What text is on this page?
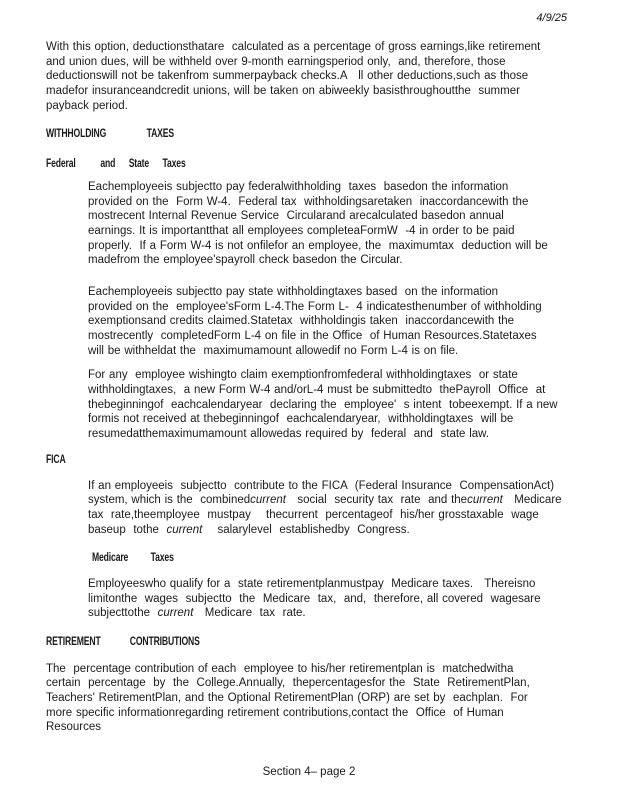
4/9/25
With this option, deductionsthatare  calculated as a percentage of gross earnings,like retirement
and union dues, will be withheld over 9-month earningsperiod only,  and, therefore, those
deductionswill not be takenfrom summerpayback checks.A   ll other deductions,such as those
madefor insuranceandcredit unions, will be taken on abiweekly basisthroughoutthe  summer
payback period.
WITHHOLDING                  TAXES
Federal           and      State      Taxes
Eachemployeeis subjectto pay federalwithholding  taxes  basedon the information
provided on the  Form W-4.  Federal tax  withholdingsaretaken  inaccordancewith the
mostrecent Internal Revenue Service  Circularand arecalculated basedon annual
earnings. It is importantthat all employees completeaFormW  -4 in order to be paid
properly.  If a Form W-4 is not onfilefor an employee, the  maximumtax  deduction will be
madefrom the employee'spayroll check basedon the Circular.
Eachemployeeis subjectto pay state withholdingtaxes based  on the information
provided on the  employee'sForm L-4.The Form L-  4 indicatesthenumber of withholding
exemptionsand credits claimed.Statetax  withholdingis taken  inaccordancewith the
mostrecently  completedForm L-4 on file in the Office  of Human Resources.Statetaxes
will be withheldat the  maximumamount allowedif no Form L-4 is on file.
For any  employee wishingto claim exemptionfromfederal withholdingtaxes  or state
withholdingtaxes,  a new Form W-4 and/orL-4 must be submittedto  thePayroll  Office  at
thebeginningof  eachcalendaryear  declaring the  employee'  s intent  tobeexempt. If a new
formis not received at thebeginningof  eachcalendaryear,  withholdingtaxes  will be
resumedatthemaximumamount allowedas required by  federal  and  state law.
FICA
If an employeeis  subjectto  contribute to the FICA  (Federal Insurance  CompensationAct)
system, which is the  combinedcurrent   social  security tax  rate  and thecurrent   Medicare
tax  rate,theemployee  mustpay    thecurrent  percentageof  his/her grosstaxable  wage
baseup  tothe  current    salarylevel  establishedby  Congress.
Medicare          Taxes
Employeeswho qualify for a  state retirementplanmustpay  Medicare taxes.   Thereisno
limitonthe  wages  subjectto  the  Medicare  tax,  and,  therefore, all covered  wagesare
subjecttothe  current   Medicare  tax  rate.
RETIREMENT             CONTRIBUTIONS
The  percentage contribution of each  employee to his/her retirementplan is  matchedwitha
certain  percentage  by  the  College.Annually,  thepercentagesfor the  State  RetirementPlan,
Teachers' RetirementPlan, and the Optional RetirementPlan (ORP) are set by  eachplan.  For
more specific informationregarding retirement contributions,contact the  Office  of Human
Resources
Section 4– page 2
